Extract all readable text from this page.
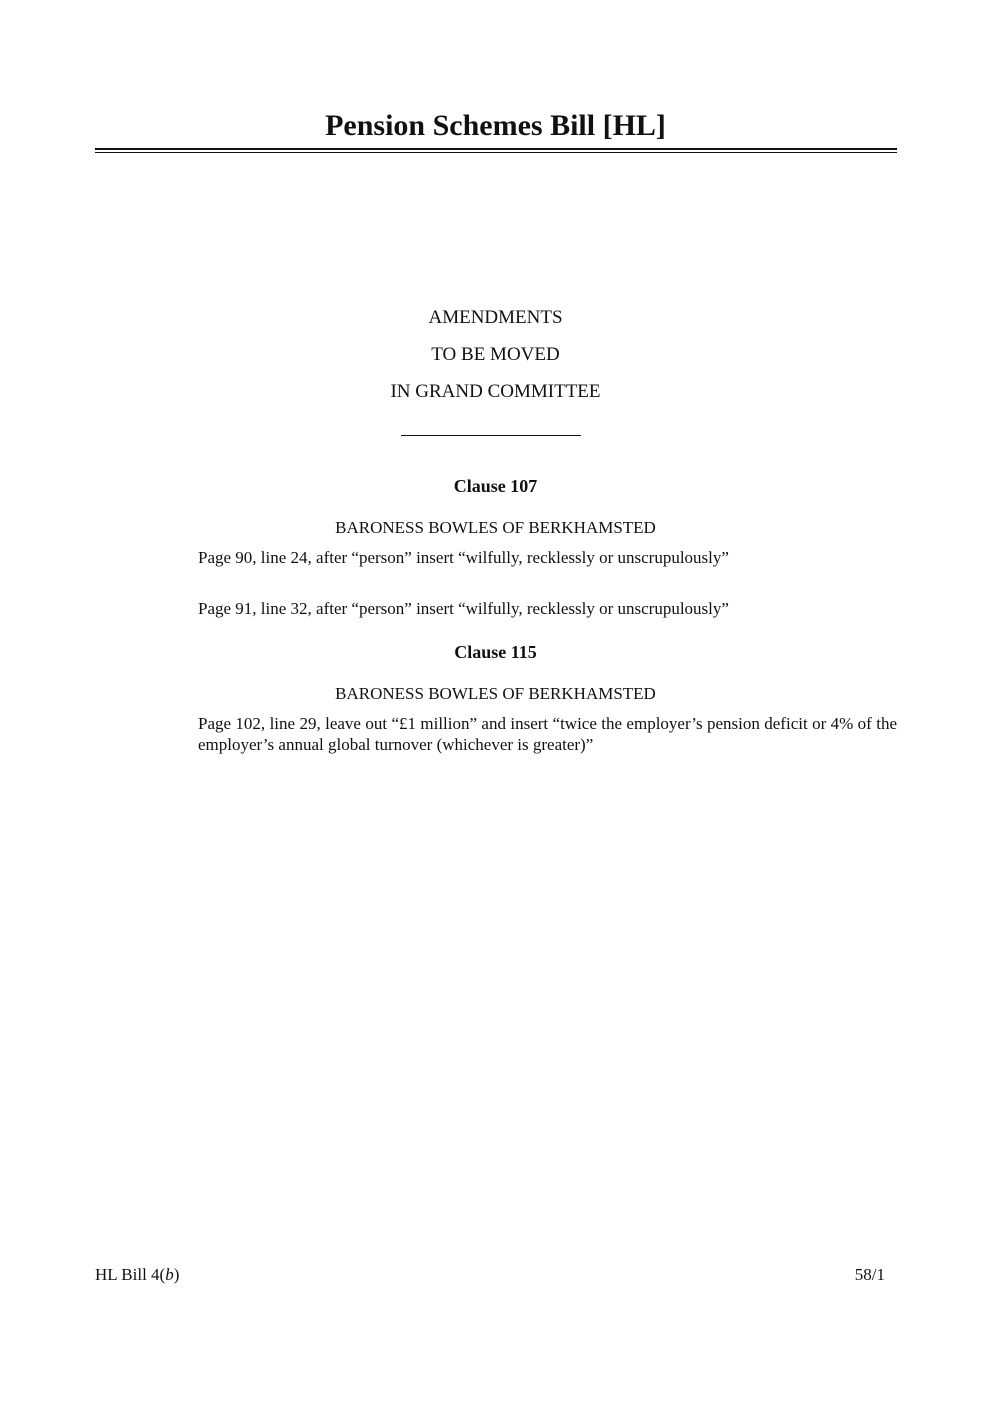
Pension Schemes Bill [HL]
AMENDMENTS
TO BE MOVED
IN GRAND COMMITTEE
Clause 107
BARONESS BOWLES OF BERKHAMSTED
Page 90, line 24, after “person” insert “wilfully, recklessly or unscrupulously”
Page 91, line 32, after “person” insert “wilfully, recklessly or unscrupulously”
Clause 115
BARONESS BOWLES OF BERKHAMSTED
Page 102, line 29, leave out “£1 million” and insert “twice the employer’s pension deficit or 4% of the employer’s annual global turnover (whichever is greater)”
HL Bill 4(b)	58/1
